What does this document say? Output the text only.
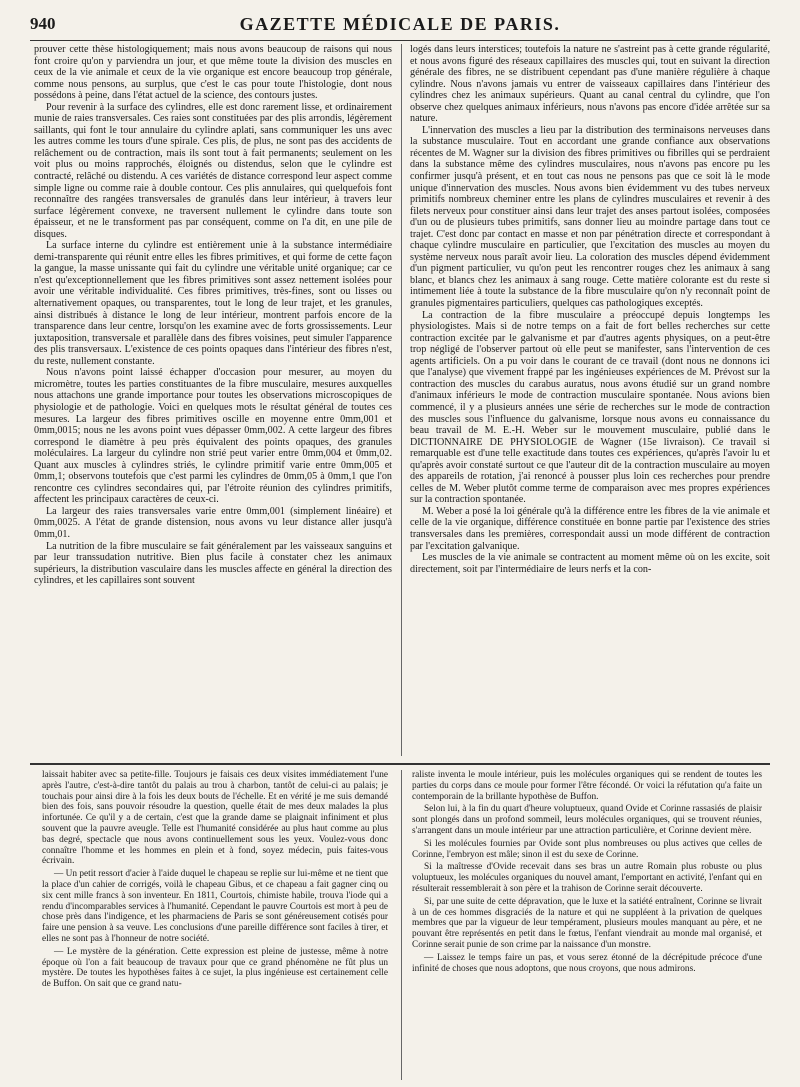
GAZETTE MÉDICALE DE PARIS.
940

prouver cette thèse histologiquement; mais nous avons beaucoup de raisons qui nous font croire qu'on y parviendra un jour, et que même toute la division des muscles en ceux de la vie animale et ceux de la vie organique est encore beaucoup trop générale, comme nous pensons, au surplus, que c'est le cas pour toute l'histologie, dont nous possédons à peine, dans l'état actuel de la science, des contours justes.

Pour revenir à la surface des cylindres, elle est donc rarement lisse, et ordinairement munie de raies transversales. Ces raies sont constituées par des plis arrondis, légèrement saillants, qui font le tour annulaire du cylindre aplati, sans communiquer les uns avec les autres comme les tours d'une spirale. Ces plis, de plus, ne sont pas des accidents de relâchement ou de contraction, mais ils sont tout à fait permanents; seulement on les voit plus ou moins rapprochés, éloignés ou distendus, selon que le cylindre est contracté, relâché ou distendu. A ces variétés de distance correspond leur aspect comme simple ligne ou comme raie à double contour. Ces plis annulaires, qui quelquefois font reconnaître des rangées transversales de granulés dans leur intérieur, à travers leur surface légèrement convexe, ne traversent nullement le cylindre dans toute son épaisseur, et ne le transforment pas par conséquent, comme on l'a dit, en une pile de disques.

La surface interne du cylindre est entièrement unie à la substance intermédiaire demi-transparente qui réunit entre elles les fibres primitives, et qui forme de cette façon la gangue, la masse unissante qui fait du cylindre une véritable unité organique; car ce n'est qu'exceptionnellement que les fibres primitives sont assez nettement isolées pour avoir une véritable individualité. Ces fibres primitives, très-fines, sont ou lisses ou alternativement opaques, ou transparentes, tout le long de leur trajet, et les granules, ainsi distribués à distance le long de leur intérieur, montrent parfois encore de la transparence dans leur centre, lorsqu'on les examine avec de forts grossissements. Leur juxtaposition, transversale et parallèle dans des fibres voisines, peut simuler l'apparence des plis transversaux. L'existence de ces points opaques dans l'intérieur des fibres n'est, du reste, nullement constante.

Nous n'avons point laissé échapper d'occasion pour mesurer, au moyen du micromètre, toutes les parties constituantes de la fibre musculaire, mesures auxquelles nous attachons une grande importance pour toutes les observations microscopiques de physiologie et de pathologie. Voici en quelques mots le résultat général de toutes ces mesures. La largeur des fibres primitives oscille en moyenne entre 0mm,001 et 0mm,0015; nous ne les avons point vues dépasser 0mm,002. A cette largeur des fibres correspond le diamètre à peu près équivalent des points opaques, des granules moléculaires. La largeur du cylindre non strié peut varier entre 0mm,004 et 0mm,02. Quant aux muscles à cylindres striés, le cylindre primitif varie entre 0mm,005 et 0mm,1; observons toutefois que c'est parmi les cylindres de 0mm,05 à 0mm,1 que l'on rencontre ces cylindres secondaires qui, par l'étroite réunion des cylindres primitifs, affectent les principaux caractères de ceux-ci.

La largeur des raies transversales varie entre 0mm,001 (simplement linéaire) et 0mm,0025. A l'état de grande distension, nous avons vu leur distance aller jusqu'à 0mm,01.

La nutrition de la fibre musculaire se fait généralement par les vaisseaux sanguins et par leur transsudation nutritive. Bien plus facile à constater chez les animaux supérieurs, la distribution vasculaire dans les muscles affecte en général la direction des cylindres, et les capillaires sont souvent

logés dans leurs interstices; toutefois la nature ne s'astreint pas à cette grande régularité, et nous avons figuré des réseaux capillaires des muscles qui, tout en suivant la direction générale des fibres, ne se distribuent cependant pas d'une manière régulière à chaque cylindre. Nous n'avons jamais vu entrer de vaisseaux capillaires dans l'intérieur des cylindres chez les animaux supérieurs. Quant au canal central du cylindre, que l'on observe chez quelques animaux inférieurs, nous n'avons pas encore d'idée arrêtée sur sa nature.

L'innervation des muscles a lieu par la distribution des terminaisons nerveuses dans la substance musculaire. Tout en accordant une grande confiance aux observations récentes de M. Wagner sur la division des fibres primitives ou fibrilles qui se perdraient dans la substance même des cylindres musculaires, nous n'avons pas encore pu les confirmer jusqu'à présent, et en tout cas nous ne pensons pas que ce soit là le mode unique d'innervation des muscles. Nous avons bien évidemment vu des tubes nerveux primitifs nombreux cheminer entre les plans de cylindres musculaires et revenir à des filets nerveux pour constituer ainsi dans leur trajet des anses partout isolées, composées d'un ou de plusieurs tubes primitifs, sans donner lieu au moindre partage dans tout ce trajet. C'est donc par contact en masse et non par pénétration directe et correspondant à chaque cylindre musculaire en particulier, que l'excitation des muscles au moyen du système nerveux nous paraît avoir lieu. La coloration des muscles dépend évidemment d'un pigment particulier, vu qu'on peut les rencontrer rouges chez les animaux à sang blanc, et blancs chez les animaux à sang rouge. Cette matière colorante est du reste si intimement liée à toute la substance de la fibre musculaire qu'on n'y reconnaît point de granules pigmentaires particuliers, quelques cas pathologiques exceptés.

La contraction de la fibre musculaire a préoccupé depuis longtemps les physiologistes. Mais si de notre temps on a fait de fort belles recherches sur cette contraction excitée par le galvanisme et par d'autres agents physiques, on a peut-être trop négligé de l'observer partout où elle peut se manifester, sans l'intervention de ces agents artificiels. On a pu voir dans le courant de ce travail (dont nous ne donnons ici que l'analyse) que vivement frappé par les ingénieuses expériences de M. Prévost sur la contraction des muscles du carabus auratus, nous avons étudié sur un grand nombre d'animaux inférieurs le mode de contraction musculaire spontanée. Nous avions bien commencé, il y a plusieurs années une série de recherches sur le mode de contraction des muscles sous l'influence du galvanisme, lorsque nous avons eu connaissance du beau travail de M. E.-H. Weber sur le mouvement musculaire, publié dans le DICTIONNAIRE DE PHYSIOLOGIE de Wagner (15e livraison). Ce travail si remarquable est d'une telle exactitude dans toutes ces expériences, qu'après l'avoir lu et qu'après avoir constaté surtout ce que l'auteur dit de la contraction musculaire au moyen des appareils de rotation, j'ai renoncé à pousser plus loin ces recherches pour prendre celles de M. Weber plutôt comme terme de comparaison avec mes propres expériences sur la contraction spontanée.

M. Weber a posé la loi générale qu'à la différence entre les fibres de la vie animale et celle de la vie organique, différence constituée en bonne partie par l'existence des stries transversales dans les premières, correspondait aussi un mode différent de contraction par l'excitation galvanique.

Les muscles de la vie animale se contractent au moment même où on les excite, soit directement, soit par l'intermédiaire de leurs nerfs et la con-

laissait habiter avec sa petite-fille. Toujours je faisais ces deux visites immédiatement l'une après l'autre, c'est-à-dire tantôt du palais au trou à charbon, tantôt de celui-ci au palais; je touchais pour ainsi dire à la fois les deux bouts de l'échelle. Et en vérité je me suis demandé bien des fois, sans pouvoir résoudre la question, quelle était de mes deux malades la plus infortunée. Ce qu'il y a de certain, c'est que la grande dame se plaignait infiniment et plus souvent que la pauvre aveugle. Telle est l'humanité considérée au plus haut comme au plus bas degré, spectacle que nous avons continuellement sous les yeux. Voulez-vous donc connaître l'homme et les hommes en plein et à fond, soyez médecin, puis faites-vous écrivain.

— Un petit ressort d'acier à l'aide duquel le chapeau se replie sur lui-même et ne tient que la place d'un cahier de corrigés, voilà le chapeau Gibus, et ce chapeau a fait gagner cinq ou six cent mille francs à son inventeur. En 1811, Courtois, chimiste habile, trouva l'iode qui a rendu d'incomparables services à l'humanité. Cependant le pauvre Courtois est mort à peu de chose près dans l'indigence, et les pharmaciens de Paris se sont généreusement cotisés pour faire une pension à sa veuve. Les conclusions d'une pareille différence sont faciles à tirer, et elles ne sont pas à l'honneur de notre société.

— Le mystère de la génération. Cette expression est pleine de justesse, même à notre époque où l'on a fait beaucoup de travaux pour que ce grand phénomène ne fût plus un mystère. De toutes les hypothèses faites à ce sujet, la plus ingénieuse est certainement celle de Buffon. On sait que ce grand natu-

raliste inventa le moule intérieur, puis les molécules organiques qui se rendent de toutes les parties du corps dans ce moule pour former l'être fécondé. Or voici la réfutation qu'a faite un contemporain de la brillante hypothèse de Buffon.

Selon lui, à la fin du quart d'heure voluptueux, quand Ovide et Corinne rassasiés de plaisir sont plongés dans un profond sommeil, leurs molécules organiques, qui se trouvent réunies, s'arrangent dans un moule intérieur par une attraction particulière, et Corinne devient mère.

Si les molécules fournies par Ovide sont plus nombreuses ou plus actives que celles de Corinne, l'embryon est mâle; sinon il est du sexe de Corinne.

Si la maîtresse d'Ovide recevait dans ses bras un autre Romain plus robuste ou plus voluptueux, les molécules organiques du nouvel amant, l'emportant en activité, l'enfant qui en résulterait ressemblerait à son père et la trahison de Corinne serait découverte.

Si, par une suite de cette dépravation, que le luxe et la satiété entraînent, Corinne se livrait à un de ces hommes disgraciés de la nature et qui ne suppléent à la privation de quelques membres que par la vigueur de leur tempérament, plusieurs moules manquant au père, et ne pouvant être représentés en petit dans le fœtus, l'enfant viendrait au monde mal organisé, et Corinne serait punie de son crime par la naissance d'un monstre.

— Laissez le temps faire un pas, et vous serez étonné de la décrépitude précoce d'une infinité de choses que nous adoptons, que nous croyons, que nous admirons.
